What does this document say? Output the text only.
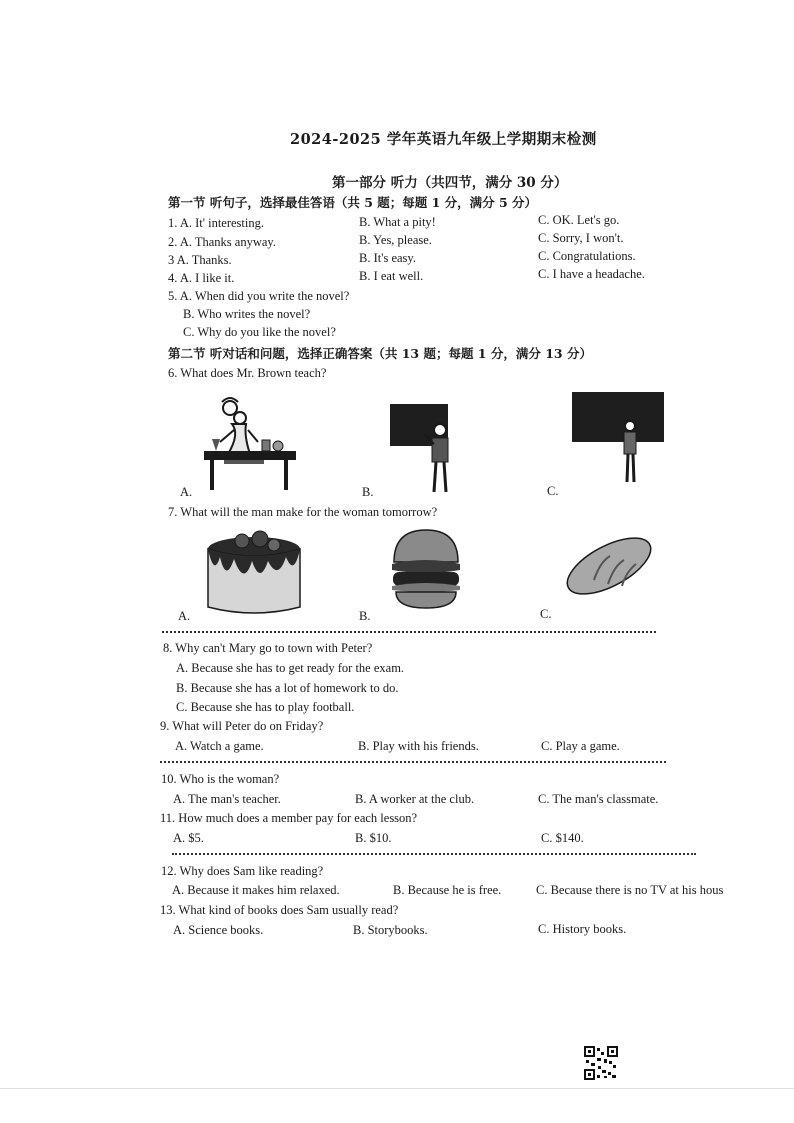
2024-2025 学年英语九年级上学期期末检测
第一部分 听力（共四节，满分 30 分）
第一节 听句子，选择最佳答语（共 5 题；每题 1 分，满分 5 分）
1. A. It' interesting.	B. What a pity!	C. OK. Let's go.
2. A. Thanks anyway.	B. Yes, please.	C. Sorry, I won't.
3 A. Thanks.	B. It's easy.	C. Congratulations.
4. A. I like it.	B. I eat well.	C. I have a headache.
5. A. When did you write the novel?
B. Who writes the novel?
C. Why do you like the novel?
第二节 听对话和问题，选择正确答案（共 13 题；每题 1 分，满分 13 分）
6. What does Mr. Brown teach?
A.	B.	C.
7. What will the man make for the woman tomorrow?
A.	B.	C.
8. Why can't Mary go to town with Peter?
A. Because she has to get ready for the exam.
B. Because she has a lot of homework to do.
C. Because she has to play football.
9. What will Peter do on Friday?
A. Watch a game.	B. Play with his friends.	C. Play a game.
10. Who is the woman?
A. The man's teacher.	B. A worker at the club.	C. The man's classmate.
11. How much does a member pay for each lesson?
A. $5.	B. $10.	C. $140.
12. Why does Sam like reading?
A. Because it makes him relaxed.	B. Because he is free.	C. Because there is no TV at his hous
13. What kind of books does Sam usually read?
A. Science books.	B. Storybooks.	C. History books.
